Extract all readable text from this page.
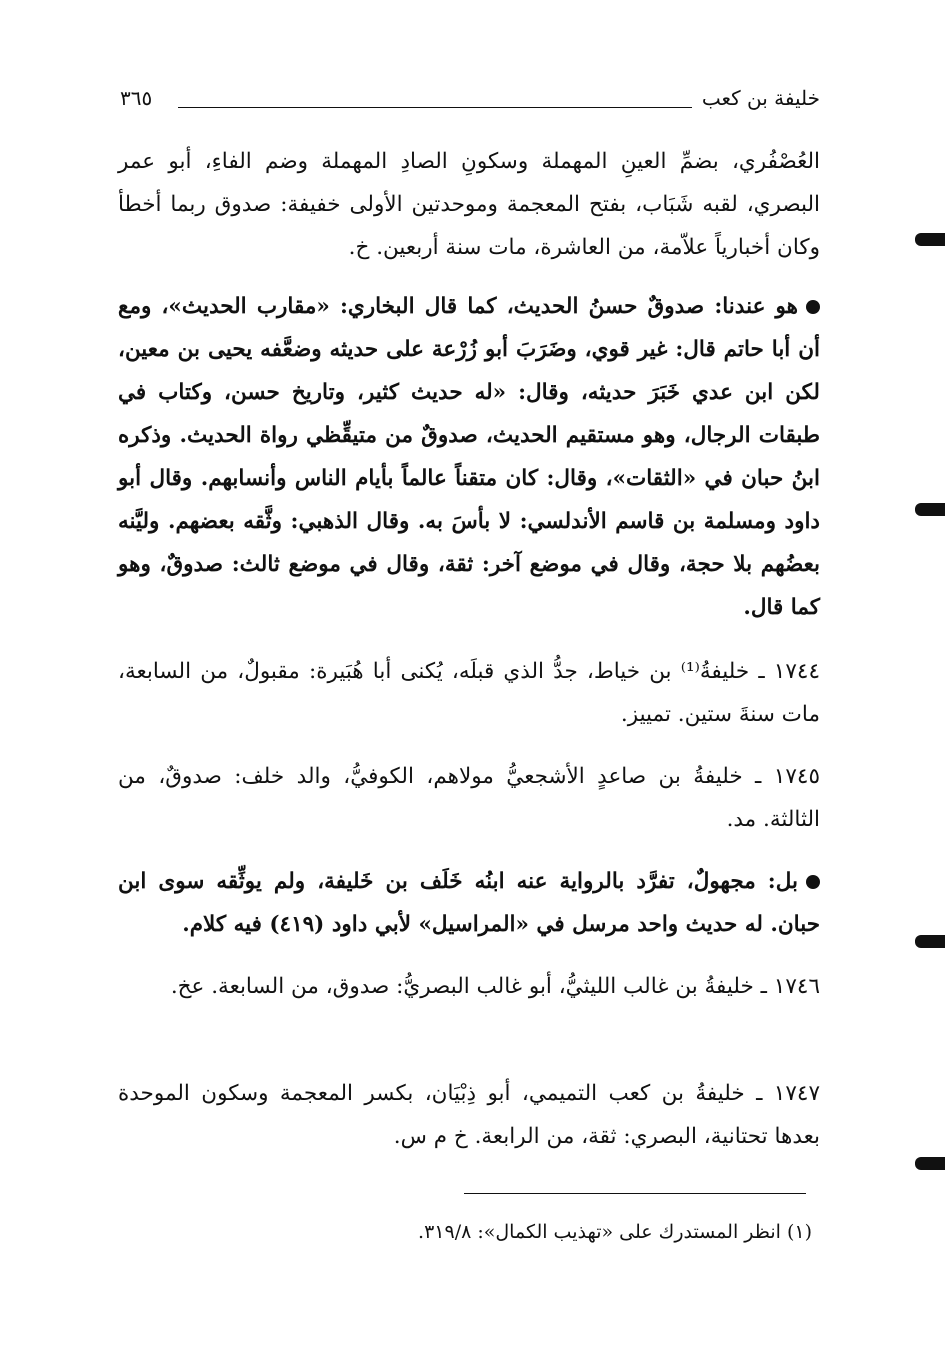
خليفة بن كعب
٣٦٥
العُصْفُري، بضمِّ العينِ المهملة وسكونِ الصادِ المهملة وضم الفاءِ، أبو عمر البصري، لقبه شَبَاب، بفتح المعجمة وموحدتين الأولى خفيفة: صدوق ربما أخطأ وكان أخبارياً علاّمة، من العاشرة، مات سنة أربعين. خ.
هو عندنا: صدوقٌ حسنُ الحديث، كما قال البخاري: «مقارب الحديث»، ومع أن أبا حاتم قال: غير قوي، وضَرَبَ أبو زُرْعة على حديثه وضعَّفه يحيى بن معين، لكن ابن عدي خَبَرَ حديثه، وقال: «له حديث كثير، وتاريخ حسن، وكتاب في طبقات الرجال، وهو مستقيم الحديث، صدوقٌ من متيقِّظي رواة الحديث. وذكره ابنُ حبان في «الثقات»، وقال: كان متقناً عالماً بأيام الناس وأنسابهم. وقال أبو داود ومسلمة بن قاسم الأندلسي: لا بأسَ به. وقال الذهبي: وثَّقه بعضهم. وليَّنه بعضُهم بلا حجة، وقال في موضع آخر: ثقة، وقال في موضع ثالث: صدوقٌ، وهو كما قال.
١٧٤٤ ـ خليفةُ⁽¹⁾ بن خياط، جدُّ الذي قبلَه، يُكنى أبا هُبَيرة: مقبولٌ، من السابعة، مات سنةَ ستين. تمييز.
١٧٤٥ ـ خليفةُ بن صاعدٍ الأشجعيُّ مولاهم، الكوفيُّ، والد خلف: صدوقٌ، من الثالثة. مد.
بل: مجهولٌ، تفرَّد بالرواية عنه ابنُه خَلَف بن خَليفة، ولم يوثِّقه سوى ابن حبان. له حديث واحد مرسل في «المراسيل» لأبي داود (٤١٩) فيه كلام.
١٧٤٦ ـ خليفةُ بن غالب الليثيُّ، أبو غالب البصريُّ: صدوق، من السابعة. عخ.
١٧٤٧ ـ خليفةُ بن كعب التميمي، أبو ذِبْيَان، بكسر المعجمة وسكون الموحدة بعدها تحتانية، البصري: ثقة، من الرابعة. خ م س.
(١) انظر المستدرك على «تهذيب الكمال»: ٣١٩/٨.
